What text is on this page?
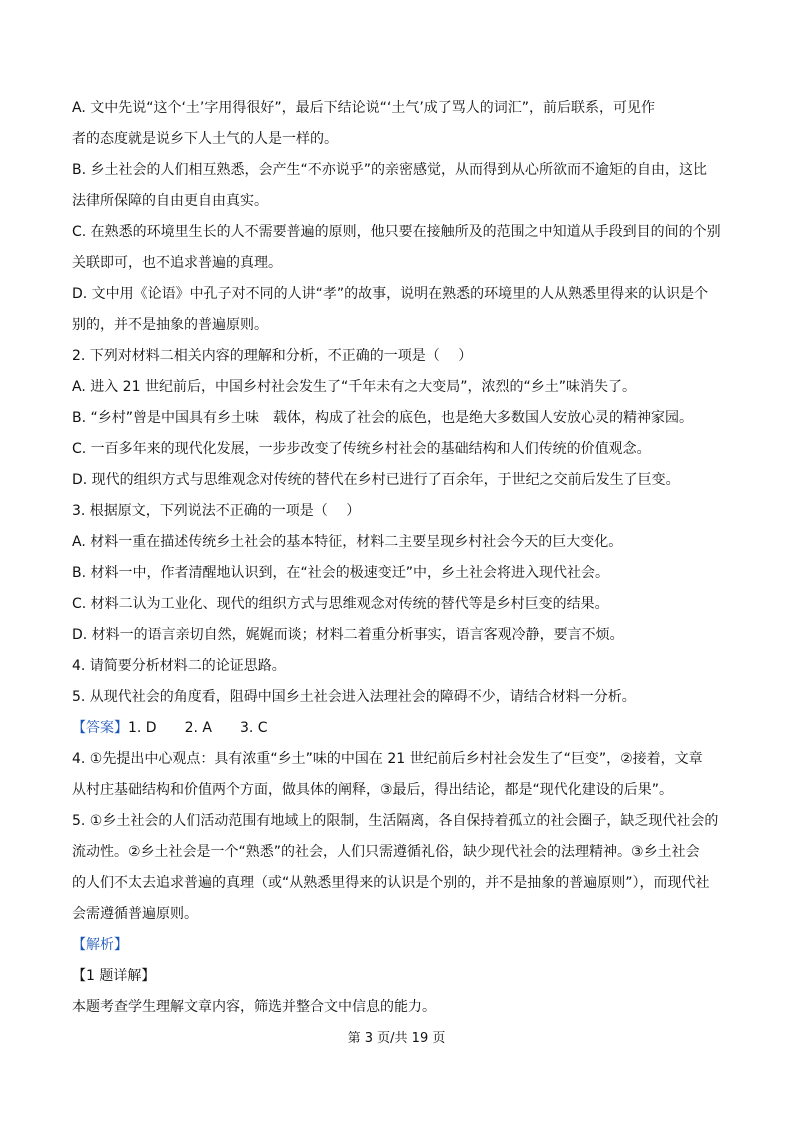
A. 文中先说“这个‘土’字用得很好”，最后下结论说“‘土气’成了骂人的词汇”，前后联系，可见作

者的态度就是说乡下人土气的人是一样的。

B. 乡土社会的人们相互熟悉，会产生“不亦说乎”的亲密感觉，从而得到从心所欲而不逾矩的自由，这比

法律所保障的自由更自由真实。

C. 在熟悉的环境里生长的人不需要普遍的原则，他只要在接触所及的范围之中知道从手段到目的间的个别

关联即可，也不追求普遍的真理。

D. 文中用《论语》中孔子对不同的人讲“孝”的故事，说明在熟悉的环境里的人从熟悉里得来的认识是个

别的，并不是抽象的普遍原则。

2. 下列对材料二相关内容的理解和分析，不正确的一项是（　 ）

A. 进入 21 世纪前后，中国乡村社会发生了“千年未有之大变局”，浓烈的“乡土”味消失了。

B. “乡村”曾是中国具有乡土味　载体，构成了社会的底色，也是绝大多数国人安放心灵的精神家园。

C. 一百多年来的现代化发展，一步步改变了传统乡村社会的基础结构和人们传统的价值观念。

D. 现代的组织方式与思维观念对传统的替代在乡村已进行了百余年，于世纪之交前后发生了巨变。

3. 根据原文，下列说法不正确的一项是（　 ）

A. 材料一重在描述传统乡土社会的基本特征，材料二主要呈现乡村社会今天的巨大变化。

B. 材料一中，作者清醒地认识到，在“社会的极速变迁”中，乡土社会将进入现代社会。

C. 材料二认为工业化、现代的组织方式与思维观念对传统的替代等是乡村巨变的结果。

D. 材料一的语言亲切自然，娓娓而谈；材料二着重分析事实，语言客观冷静，要言不烦。

4. 请简要分析材料二的论证思路。

5. 从现代社会的角度看，阻碍中国乡土社会进入法理社会的障碍不少，请结合材料一分析。

【答案】1. D　　2. A　　3. C

4. ①先提出中心观点：具有浓重“乡土”味的中国在 21 世纪前后乡村社会发生了“巨变”，②接着，文章

从村庄基础结构和价值两个方面，做具体的阐释，③最后，得出结论，都是“现代化建设的后果”。

5. ①乡土社会的人们活动范围有地域上的限制，生活隔离，各自保持着孤立的社会圈子，缺乏现代社会的

流动性。②乡土社会是一个“熟悉”的社会，人们只需遵循礼俗，缺少现代社会的法理精神。③乡土社会

的人们不太去追求普遍的真理（或“从熟悉里得来的认识是个别的，并不是抽象的普遍原则”），而现代社

会需遵循普遍原则。

【解析】

【1 题详解】

本题考查学生理解文章内容，筛选并整合文中信息的能力。

第 3 页/共 19 页
